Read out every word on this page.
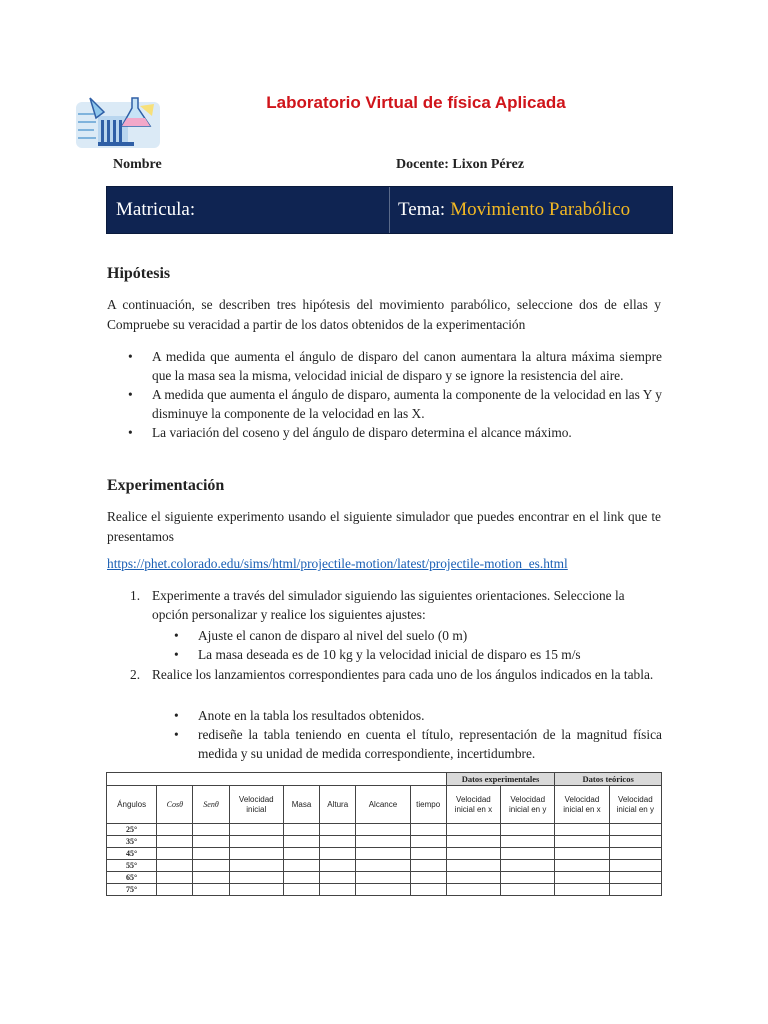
Laboratorio Virtual de física Aplicada
Nombre	Docente: Lixon Pérez
Matricula:	Tema: Movimiento Parabólico
Hipótesis

A continuación, se describen tres hipótesis del movimiento parabólico, seleccione dos de ellas y Compruebe su veracidad a partir de los datos obtenidos de la experimentación

• A medida que aumenta el ángulo de disparo del canon aumentara la altura máxima siempre que la masa sea la misma, velocidad inicial de disparo y se ignore la resistencia del aire.
• A medida que aumenta el ángulo de disparo, aumenta la componente de la velocidad en las Y y disminuye la componente de la velocidad en las X.
• La variación del coseno y del ángulo de disparo determina el alcance máximo.
Experimentación

Realice el siguiente experimento usando el siguiente simulador que puedes encontrar en el link que te presentamos

https://phet.colorado.edu/sims/html/projectile-motion/latest/projectile-motion_es.html
1. Experimente a través del simulador siguiendo las siguientes orientaciones. Seleccione la opción personalizar y realice los siguientes ajustes:
• Ajuste el canon de disparo al nivel del suelo (0 m)
• La masa deseada es de 10 kg y la velocidad inicial de disparo es 15 m/s
2. Realice los lanzamientos correspondientes para cada uno de los ángulos indicados en la tabla.
• Anote en la tabla los resultados obtenidos.
• rediseñe la tabla teniendo en cuenta el título, representación de la magnitud física medida y su unidad de medida correspondiente, incertidumbre.
								Datos experimentales		Datos teóricos	
Ángulos	Cosθ	Senθ	Velocidad inicial	Masa	Altura	Alcance	tiempo	Velocidad inicial en x	Velocidad inicial en y	Velocidad inicial en x	Velocidad inicial en y
25°											
35°											
45°											
55°											
65°											
75°											
